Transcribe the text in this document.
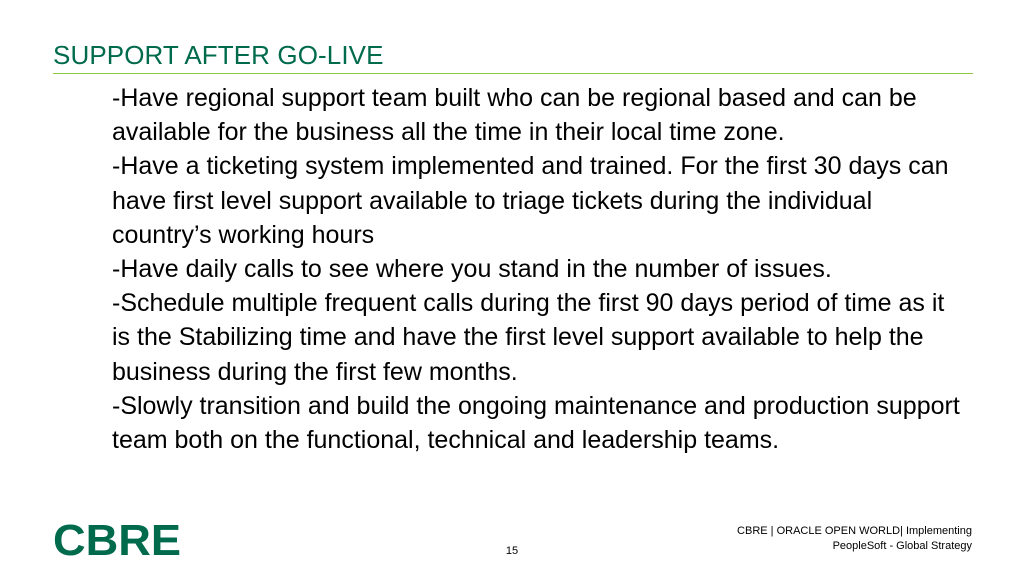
SUPPORT AFTER GO-LIVE

-Have regional support team built who can be regional based and can be available for the business all the time in their local time zone.

-Have a ticketing system implemented and trained. For the first 30 days can have first level support available to triage tickets during the individual country’s working hours

-Have daily calls to see where you stand in the number of issues.

-Schedule multiple frequent calls during the first 90 days period of time as it is the Stabilizing time and have the first level support available to help the business during the first few months.

-Slowly transition and build the ongoing maintenance and production support team both on the functional, technical and leadership teams.

CBRE	15
CBRE | ORACLE OPEN WORLD| Implementing
PeopleSoft - Global Strategy
